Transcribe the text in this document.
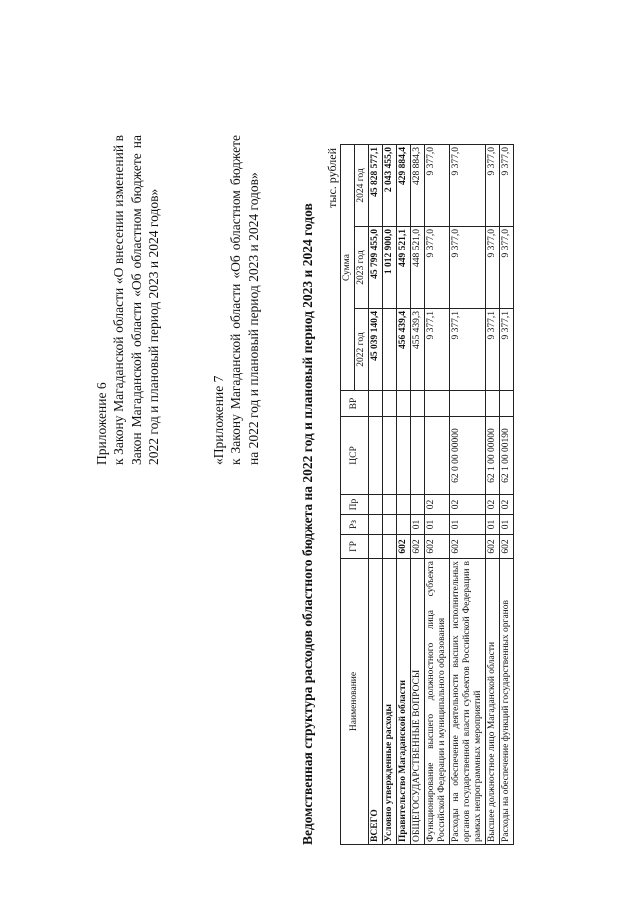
Приложение 6 к Закону Магаданской области «О внесении изменений в Закон Магаданской области «Об областном бюджете на 2022 год и плановый период 2023 и 2024 годов»	«Приложение 7 к Закону Магаданской области «Об областном бюджете на 2022 год и плановый период 2023 и 2024 годов»	Ведомственная структура расходов областного бюджета на 2022 год и плановый период 2023 и 2024 годов
тыс. рублей
Наименование	ГР	Рз	Пр	ЦСР	ВР	Сумма		
						2022 год	2023 год	2024 год
ВСЕГО						45 039 140,4	45 799 455,0	45 828 577,1
Условно утвержденные расходы							1 012 900,0	2 043 455,0
Правительство Магаданской области	602					456 439,4	449 521,1	429 884,4
ОБЩЕГОСУДАРСТВЕННЫЕ ВОПРОСЫ	602	01				455 439,3	448 521,0	428 884,3
Функционирование высшего должностного лица субъекта Российской Федерации и муниципального образования	602	01	02			9 377,1	9 377,0	9 377,0
Расходы на обеспечение деятельности высших исполнительных органов государственной власти субъектов Российской Федерации в рамках непрограммных мероприятий	602	01	02	62 0 00 00000		9 377,1	9 377,0	9 377,0
Высшее должностное лицо Магаданской области	602	01	02	62 1 00 00000		9 377,1	9 377,0	9 377,0
Расходы на обеспечение функций государственных органов	602	01	02	62 1 00 00190		9 377,1	9 377,0	9 377,0
